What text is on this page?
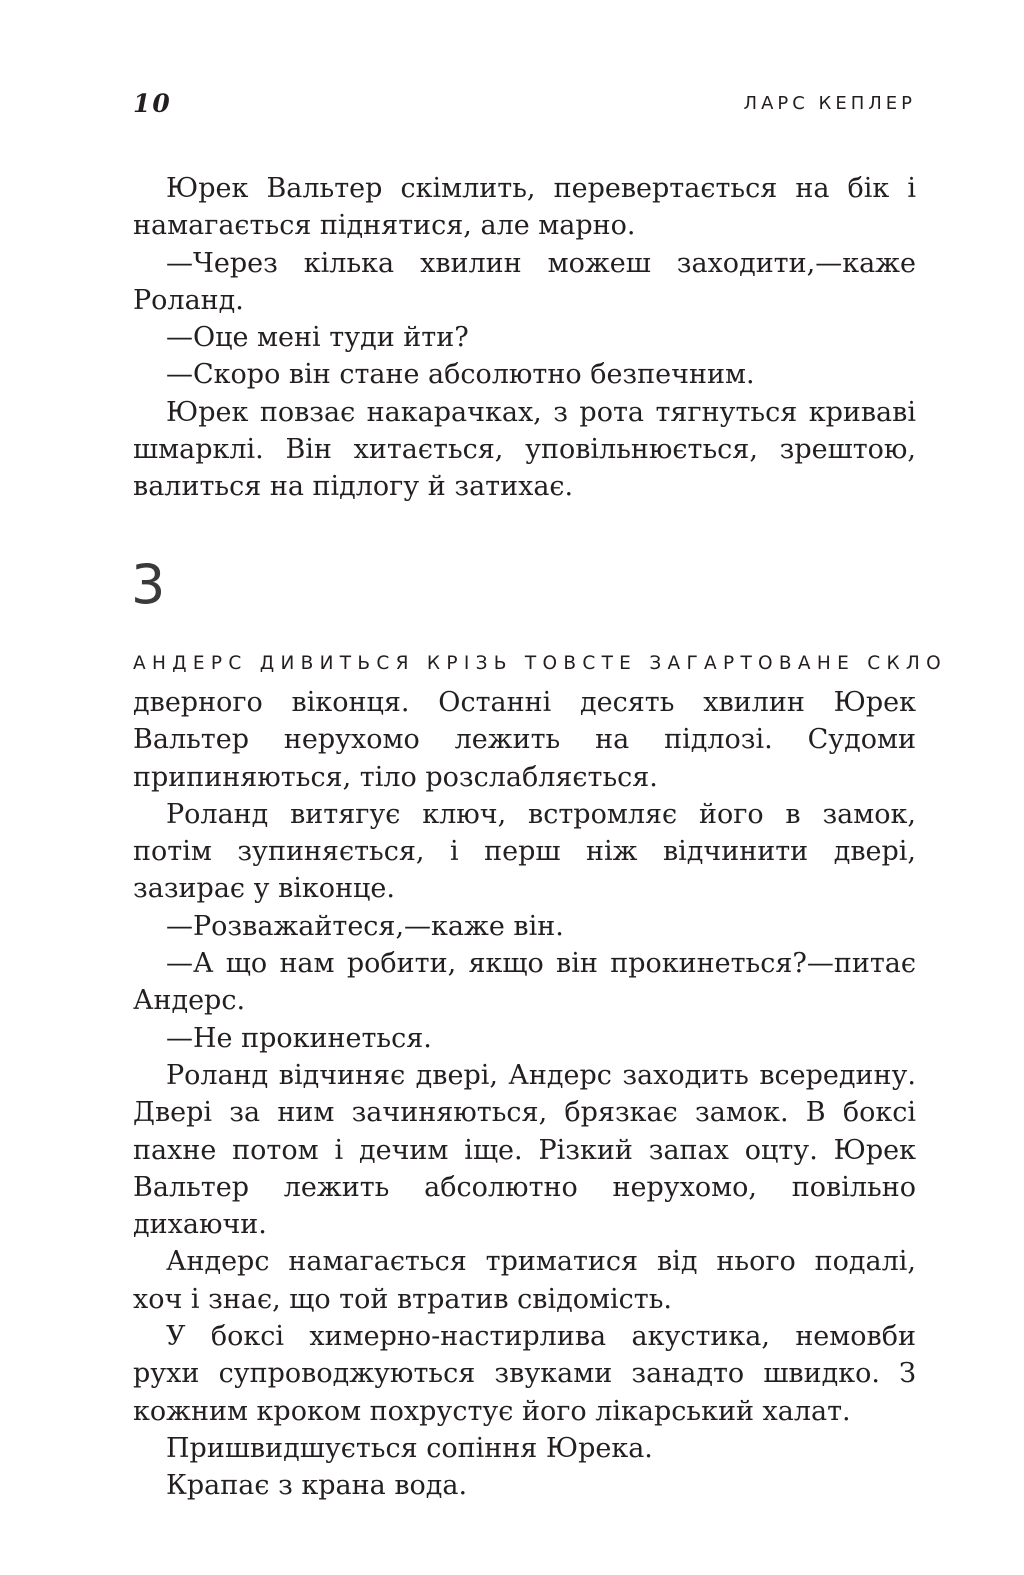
10	ЛАРС КЕПЛЕР

Юрек Вальтер скімлить, перевертається на бік і намагається піднятися, але марно.

—Через кілька хвилин можеш заходити,—каже Роланд.

—Оце мені туди йти?

—Скоро він стане абсолютно безпечним.

Юрек повзає накарачках, з рота тягнуться криваві шмарклі. Він хитається, уповільнюється, зрештою, валиться на підлогу й затихає.

3

АНДЕРС ДИВИТЬСЯ КРІЗЬ ТОВСТЕ ЗАГАРТОВАНЕ СКЛО
дверного віконця. Останні десять хвилин Юрек Вальтер нерухомо лежить на підлозі. Судоми припиняються, тіло розслабляється.

Роланд витягує ключ, встромляє його в замок, потім зупиняється, і перш ніж відчинити двері, зазирає у віконце.

—Розважайтеся,—каже він.

—А що нам робити, якщо він прокинеться?—питає Андерс.

—Не прокинеться.

Роланд відчиняє двері, Андерс заходить всередину. Двері за ним зачиняються, брязкає замок. В боксі пахне потом і дечим іще. Різкий запах оцту. Юрек Вальтер лежить абсолютно нерухомо, повільно дихаючи.

Андерс намагається триматися від нього подалі, хоч і знає, що той втратив свідомість.

У боксі химерно-настирлива акустика, немовби рухи супроводжуються звуками занадто швидко. З кожним кроком похрустує його лікарський халат.

Пришвидшується сопіння Юрека.

Крапає з крана вода.
